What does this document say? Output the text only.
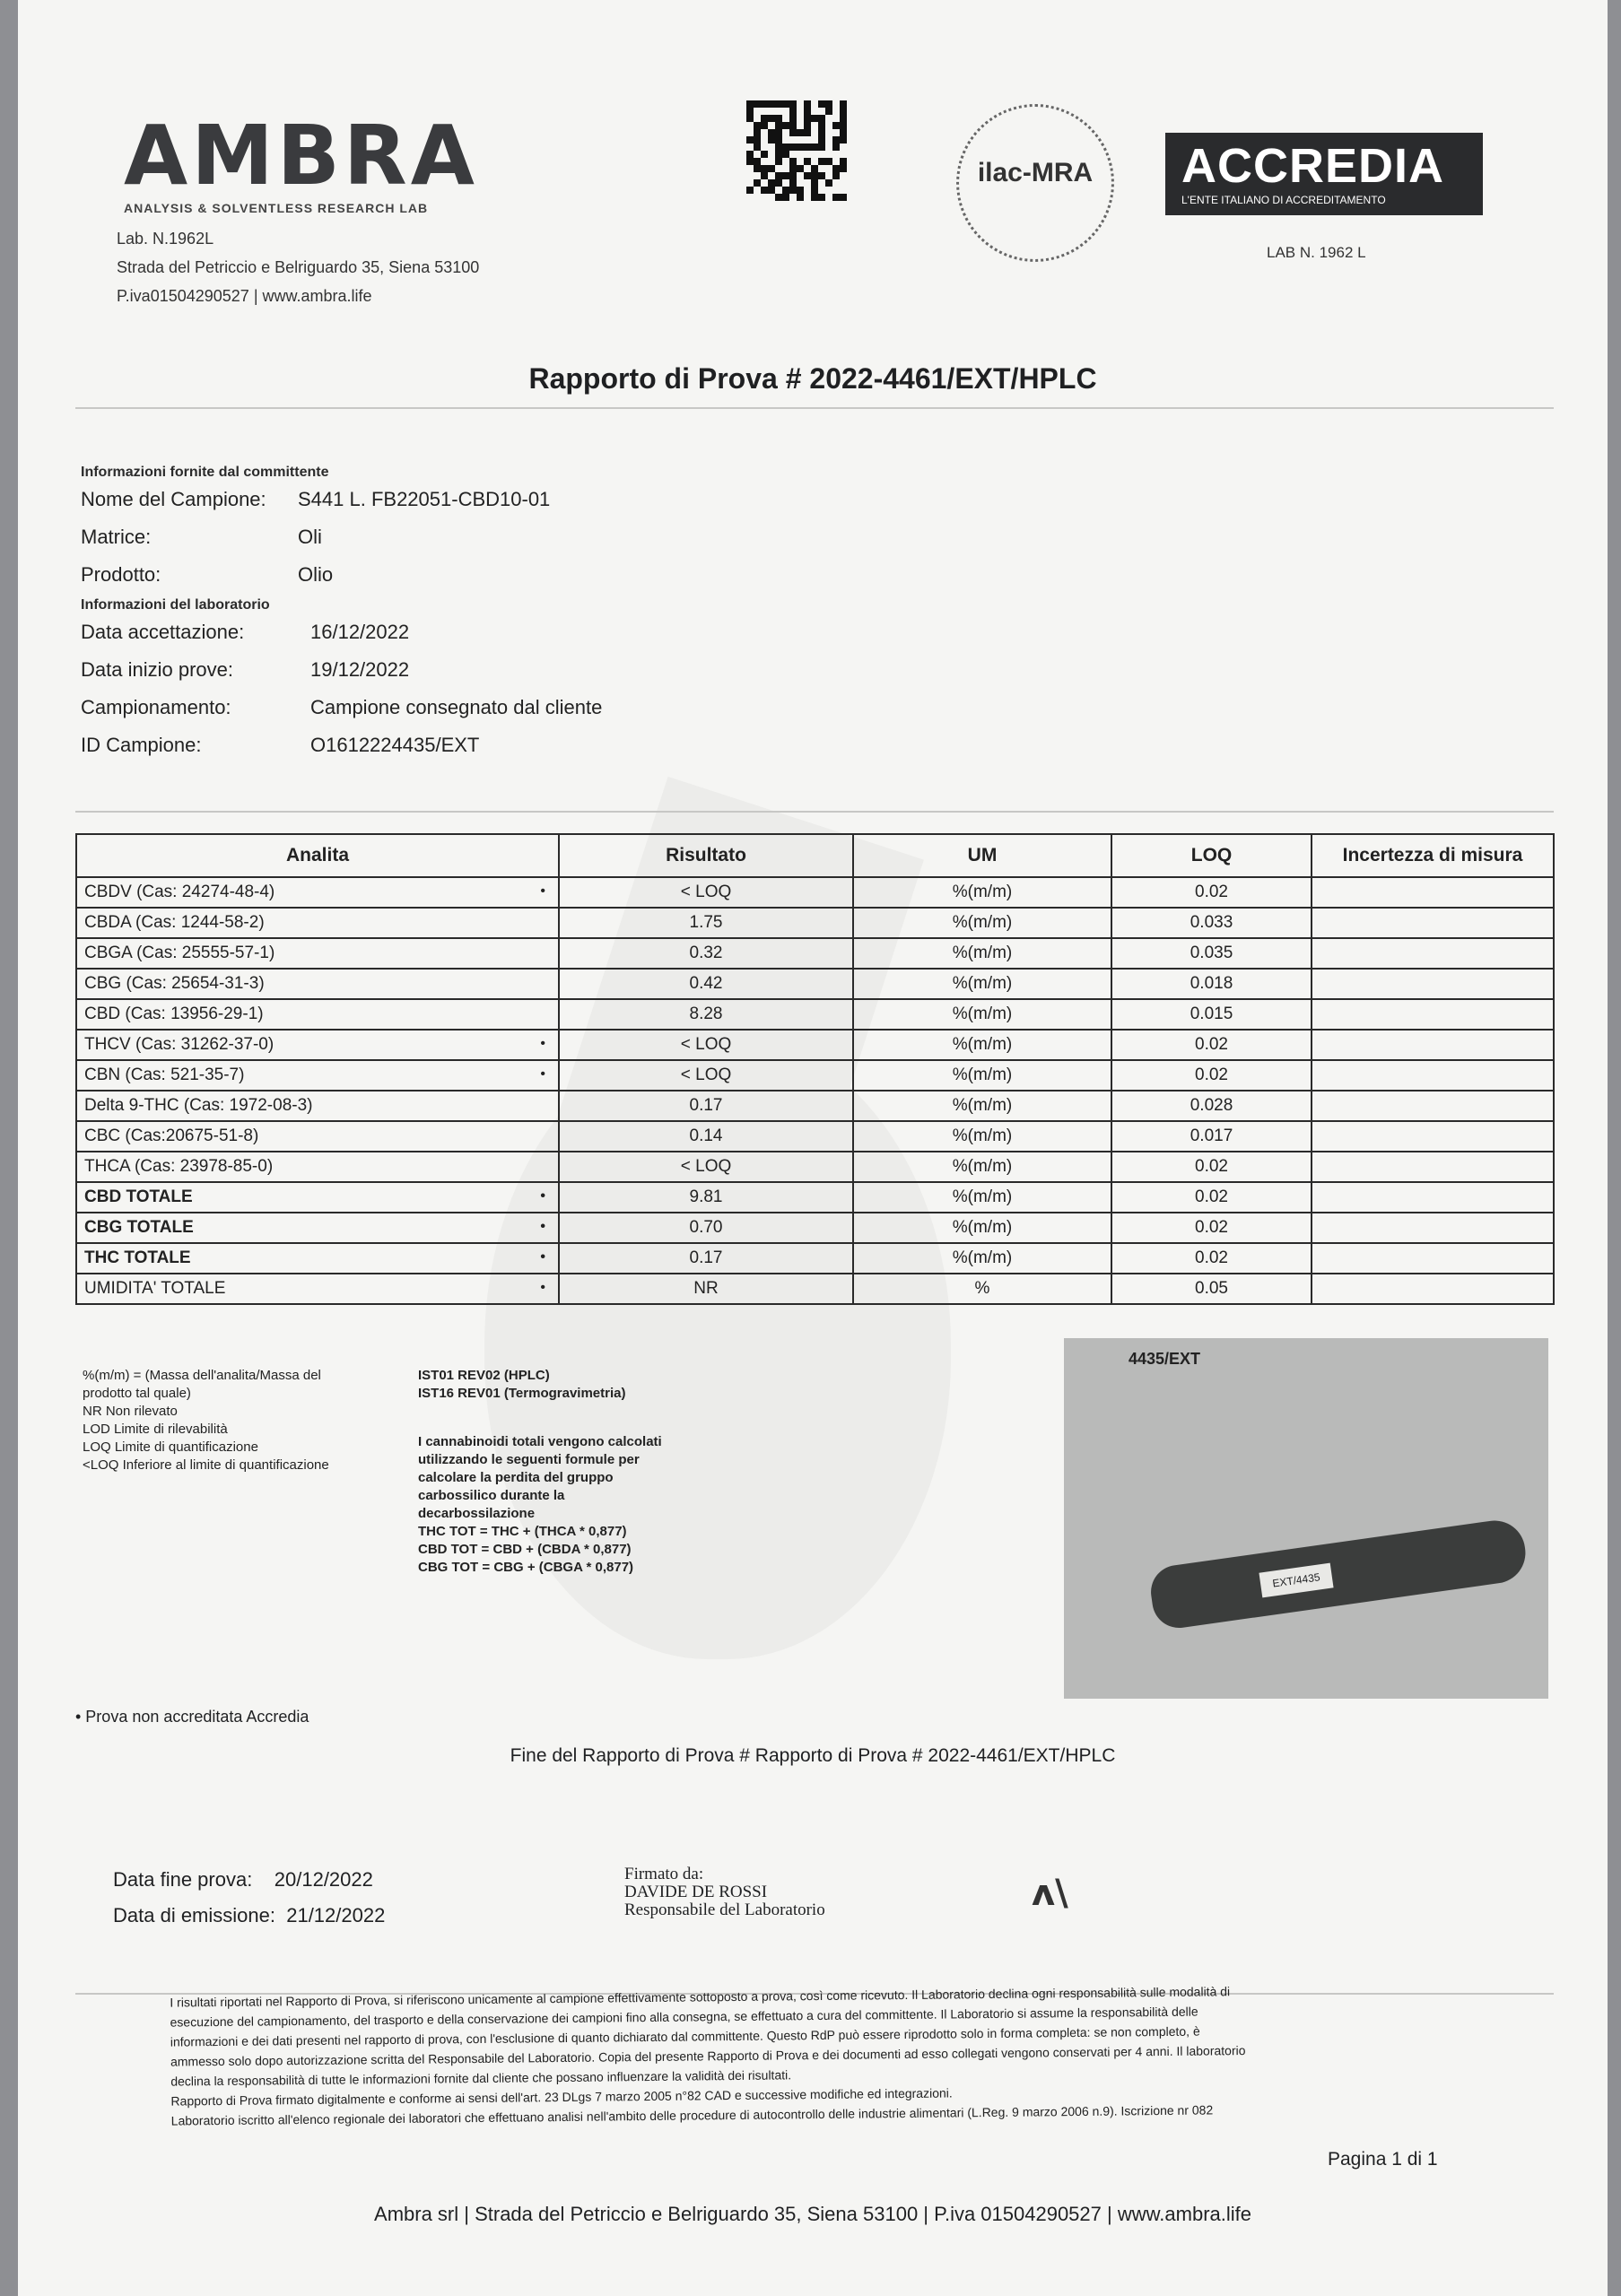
AMBRA
ANALYSIS & SOLVENTLESS RESEARCH LAB
Lab. N.1962L
Strada del Petriccio e Belriguardo 35, Siena 53100
P.iva01504290527 | www.ambra.life
ilac-MRA ACCREDIA
L'ENTE ITALIANO DI ACCREDITAMENTO
LAB N. 1962 L
Rapporto di Prova # 2022-4461/EXT/HPLC
Informazioni fornite dal committente
Nome del Campione: S441 L. FB22051-CBD10-01
Matrice:	Oli
Prodotto:	Olio
Informazioni del laboratorio
Data accettazione:	16/12/2022
Data inizio prove:	19/12/2022
Campionamento:	Campione consegnato dal cliente
ID Campione:	O1612224435/EXT
Analita	Risultato	UM	LOQ	Incertezza di misura
CBDV (Cas: 24274-48-4) •	< LOQ	%(m/m)	0.02	
CBDA (Cas: 1244-58-2)	1.75	%(m/m)	0.033	
CBGA (Cas: 25555-57-1)	0.32	%(m/m)	0.035	
CBG (Cas: 25654-31-3)	0.42	%(m/m)	0.018	
CBD (Cas: 13956-29-1)	8.28	%(m/m)	0.015	
THCV (Cas: 31262-37-0) •	< LOQ	%(m/m)	0.02	
CBN (Cas: 521-35-7) •	< LOQ	%(m/m)	0.02	
Delta 9-THC (Cas: 1972-08-3)	0.17	%(m/m)	0.028	
CBC (Cas:20675-51-8)	0.14	%(m/m)	0.017	
THCA (Cas: 23978-85-0)	< LOQ	%(m/m)	0.02	
CBD TOTALE •	9.81	%(m/m)	0.02	
CBG TOTALE •	0.70	%(m/m)	0.02	
THC TOTALE •	0.17	%(m/m)	0.02	
UMIDITA' TOTALE •	NR	%	0.05	
%(m/m) = (Massa dell'analita/Massa del
prodotto tal quale)
NR Non rilevato
LOD Limite di rilevabilità
LOQ Limite di quantificazione
<LOQ Inferiore al limite di quantificazione
IST01 REV02 (HPLC)
IST16 REV01 (Termogravimetria)
I cannabinoidi totali vengono calcolati
utilizzando le seguenti formule per
calcolare la perdita del gruppo
carbossilico durante la
decarbossilazione
THC TOT = THC + (THCA * 0,877)
CBD TOT = CBD + (CBDA * 0,877)
CBG TOT = CBG + (CBGA * 0,877)
4435/EXT
EXT/4435
• Prova non accreditata Accredia
Fine del Rapporto di Prova # Rapporto di Prova # 2022-4461/EXT/HPLC
Data fine prova: 20/12/2022
Data di emissione: 21/12/2022
Firmato da:
DAVIDE DE ROSSI
Responsabile del Laboratorio	ʌ\
I risultati riportati nel Rapporto di Prova, si riferiscono unicamente al campione effettivamente sottoposto a prova, così come ricevuto. Il Laboratorio declina ogni responsabilità sulle modalità di
esecuzione del campionamento, del trasporto e della conservazione dei campioni fino alla consegna, se effettuato a cura del committente. Il Laboratorio si assume la responsabilità delle
informazioni e dei dati presenti nel rapporto di prova, con l'esclusione di quanto dichiarato dal committente. Questo RdP può essere riprodotto solo in forma completa: se non completo, è
ammesso solo dopo autorizzazione scritta del Responsabile del Laboratorio. Copia del presente Rapporto di Prova e dei documenti ad esso collegati vengono conservati per 4 anni. Il laboratorio
declina la responsabilità di tutte le informazioni fornite dal cliente che possano influenzare la validità dei risultati.
Rapporto di Prova firmato digitalmente e conforme ai sensi dell'art. 23 DLgs 7 marzo 2005 n°82 CAD e successive modifiche ed integrazioni.
Laboratorio iscritto all'elenco regionale dei laboratori che effettuano analisi nell'ambito delle procedure di autocontrollo delle industrie alimentari (L.Reg. 9 marzo 2006 n.9). Iscrizione nr 082
Pagina 1 di 1
Ambra srl | Strada del Petriccio e Belriguardo 35, Siena 53100 | P.iva 01504290527 | www.ambra.life
